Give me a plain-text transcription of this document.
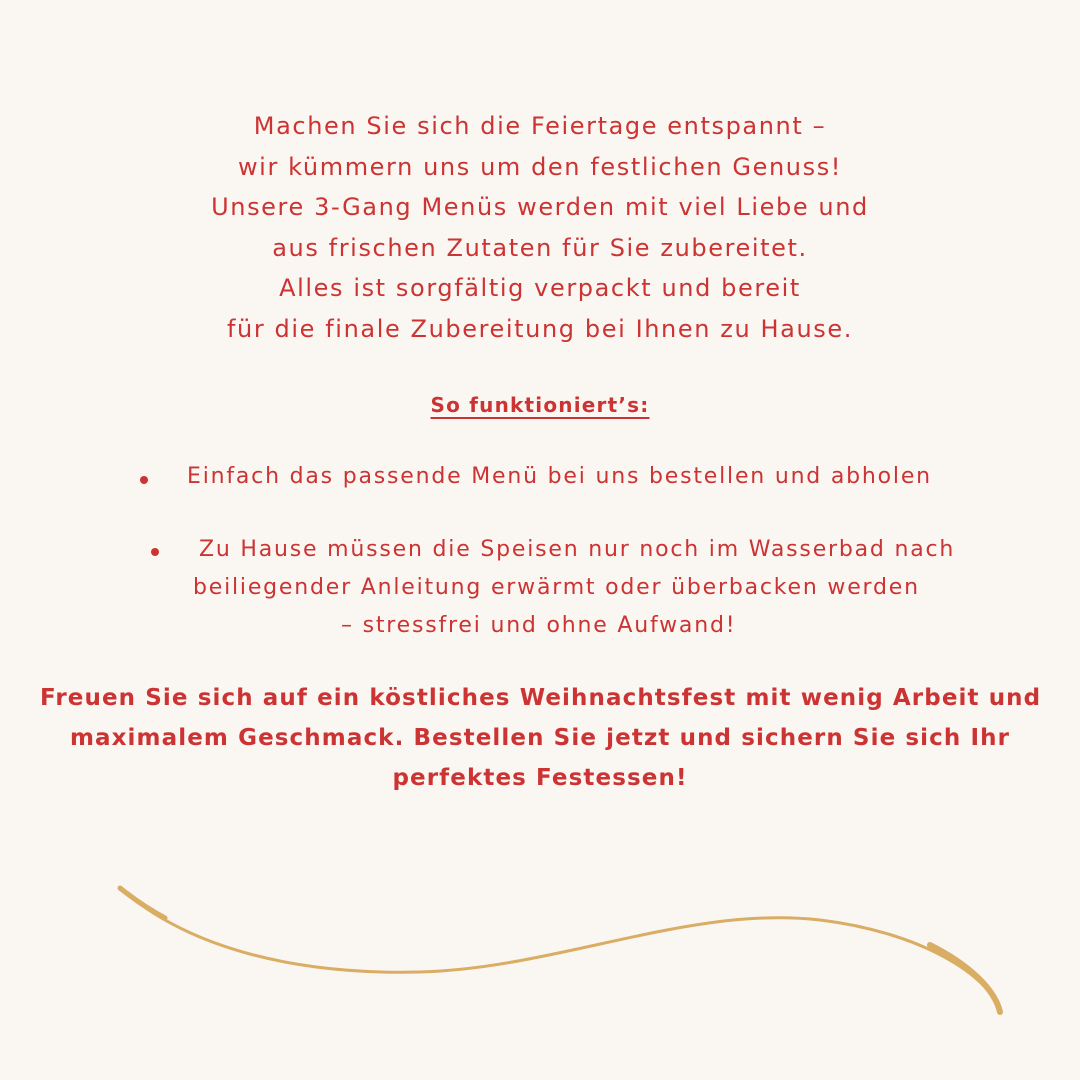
Machen Sie sich die Feiertage entspannt –
wir kümmern uns um den festlichen Genuss!
Unsere 3-Gang Menüs werden mit viel Liebe und
aus frischen Zutaten für Sie zubereitet.
Alles ist sorgfältig verpackt und bereit
für die finale Zubereitung bei Ihnen zu Hause.

So funktioniert’s:

Einfach das passende Menü bei uns bestellen und abholen

Zu Hause müssen die Speisen nur noch im Wasserbad nach

beiliegender Anleitung erwärmt oder überbacken werden

– stressfrei und ohne Aufwand!

Freuen Sie sich auf ein köstliches Weihnachtsfest mit wenig Arbeit und
maximalem Geschmack. Bestellen Sie jetzt und sichern Sie sich Ihr
perfektes Festessen!
